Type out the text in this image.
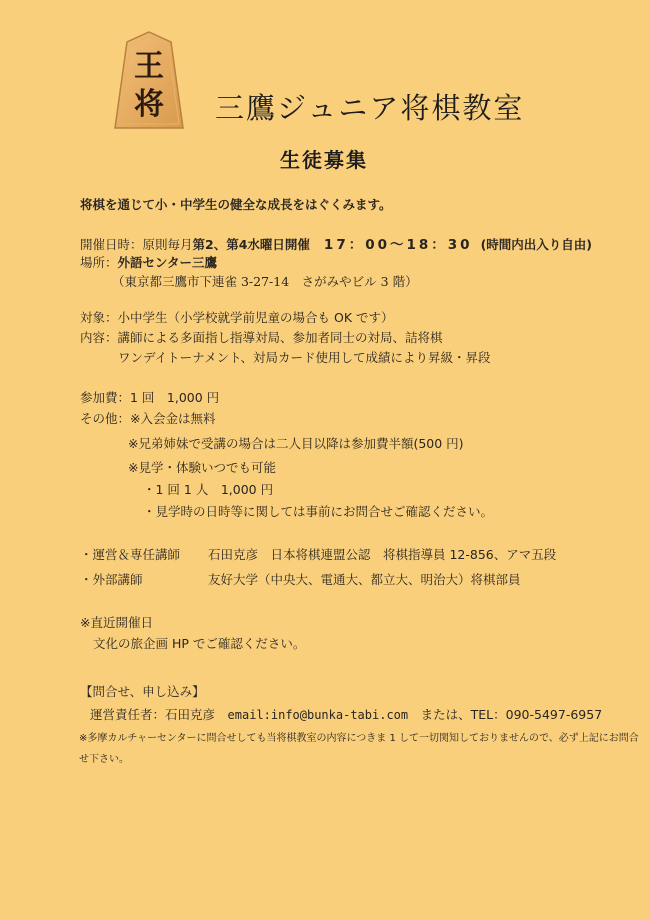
王
将 三鷹ジュニア将棋教室
生徒募集
将棋を通じて小・中学生の健全な成長をはぐくみます。
開催日時：原則毎月第2、第4水曜日開催 17：00〜18：30 (時間内出入り自由)
場所：外語センター三鷹
（東京都三鷹市下連雀 3-27-14　さがみやビル 3 階）
対象：小中学生（小学校就学前児童の場合も OK です）
内容：講師による多面指し指導対局、参加者同士の対局、詰将棋
ワンデイトーナメント、対局カード使用して成績により昇級・昇段
参加費：1 回　1,000 円
その他：※入会金は無料
※兄弟姉妹で受講の場合は二人目以降は参加費半額(500 円)
※見学・体験いつでも可能
・1 回 1 人　1,000 円
・見学時の日時等に関しては事前にお問合せご確認ください。
・運営＆専任講師 石田克彦　日本将棋連盟公認　将棋指導員 12-856、アマ五段
・外部講師	友好大学（中央大、電通大、都立大、明治大）将棋部員
※直近開催日
文化の旅企画 HP でご確認ください。
【問合せ、申し込み】
運営責任者：石田克彦　email:info@bunka-tabi.com　または、TEL：090-5497-6957
※多摩カルチャーセンターに問合せしても当将棋教室の内容につきま 1 して一切関知しておりませんので、必ず上記にお問合
せ下さい。
